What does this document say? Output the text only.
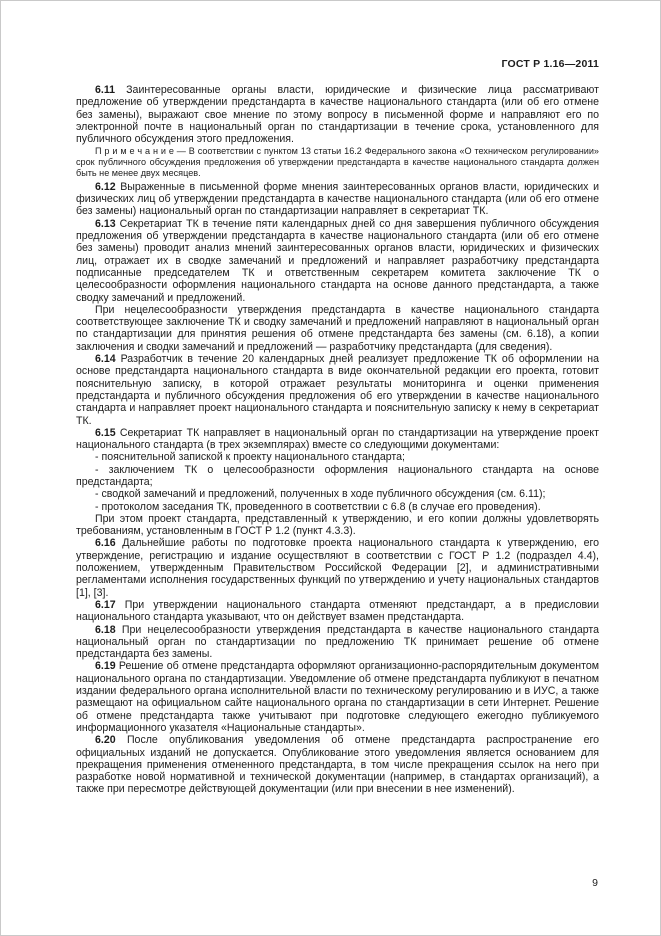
ГОСТ Р 1.16—2011

6.11 Заинтересованные органы власти, юридические и физические лица рассматривают предложение об утверждении предстандарта в качестве национального стандарта (или об его отмене без замены), выражают свое мнение по этому вопросу в письменной форме и направляют его по электронной почте в национальный орган по стандартизации в течение срока, установленного для публичного обсуждения этого предложения.

П р и м е ч а н и е — В соответствии с пунктом 13 статьи 16.2 Федерального закона «О техническом регулировании» срок публичного обсуждения предложения об утверждении предстандарта в качестве национального стандарта должен быть не менее двух месяцев.

6.12 Выраженные в письменной форме мнения заинтересованных органов власти, юридических и физических лиц об утверждении предстандарта в качестве национального стандарта (или об его отмене без замены) национальный орган по стандартизации направляет в секретариат ТК.

6.13 Секретариат ТК в течение пяти календарных дней со дня завершения публичного обсуждения предложения об утверждении предстандарта в качестве национального стандарта (или об его отмене без замены) проводит анализ мнений заинтересованных органов власти, юридических и физических лиц, отражает их в сводке замечаний и предложений и направляет разработчику предстандарта подписанные председателем ТК и ответственным секретарем комитета заключение ТК о целесообразности оформления национального стандарта на основе данного предстандарта, а также сводку замечаний и предложений.

При нецелесообразности утверждения предстандарта в качестве национального стандарта соответствующее заключение ТК и сводку замечаний и предложений направляют в национальный орган по стандартизации для принятия решения об отмене предстандарта без замены (см. 6.18), а копии заключения и сводки замечаний и предложений — разработчику предстандарта (для сведения).

6.14 Разработчик в течение 20 календарных дней реализует предложение ТК об оформлении на основе предстандарта национального стандарта в виде окончательной редакции его проекта, готовит пояснительную записку, в которой отражает результаты мониторинга и оценки применения предстандарта и публичного обсуждения предложения об его утверждении в качестве национального стандарта и направляет проект национального стандарта и пояснительную записку к нему в секретариат ТК.

6.15 Секретариат ТК направляет в национальный орган по стандартизации на утверждение проект национального стандарта (в трех экземплярах) вместе со следующими документами:

- пояснительной запиской к проекту национального стандарта;

- заключением ТК о целесообразности оформления национального стандарта на основе предстандарта;

- сводкой замечаний и предложений, полученных в ходе публичного обсуждения (см. 6.11);

- протоколом заседания ТК, проведенного в соответствии с 6.8 (в случае его проведения).

При этом проект стандарта, представленный к утверждению, и его копии должны удовлетворять требованиям, установленным в ГОСТ Р 1.2 (пункт 4.3.3).

6.16 Дальнейшие работы по подготовке проекта национального стандарта к утверждению, его утверждение, регистрацию и издание осуществляют в соответствии с ГОСТ Р 1.2 (подраздел 4.4), положением, утвержденным Правительством Российской Федерации [2], и административными регламентами исполнения государственных функций по утверждению и учету национальных стандартов [1], [3].

6.17 При утверждении национального стандарта отменяют предстандарт, а в предисловии национального стандарта указывают, что он действует взамен предстандарта.

6.18 При нецелесообразности утверждения предстандарта в качестве национального стандарта национальный орган по стандартизации по предложению ТК принимает решение об отмене предстандарта без замены.

6.19 Решение об отмене предстандарта оформляют организационно-распорядительным документом национального органа по стандартизации. Уведомление об отмене предстандарта публикуют в печатном издании федерального органа исполнительной власти по техническому регулированию и в ИУС, а также размещают на официальном сайте национального органа по стандартизации в сети Интернет. Решение об отмене предстандарта также учитывают при подготовке следующего ежегодно публикуемого информационного указателя «Национальные стандарты».

6.20 После опубликования уведомления об отмене предстандарта распространение его официальных изданий не допускается. Опубликование этого уведомления является основанием для прекращения применения отмененного предстандарта, в том числе прекращения ссылок на него при разработке новой нормативной и технической документации (например, в стандартах организаций), а также при пересмотре действующей документации (или при внесении в нее изменений).

9
